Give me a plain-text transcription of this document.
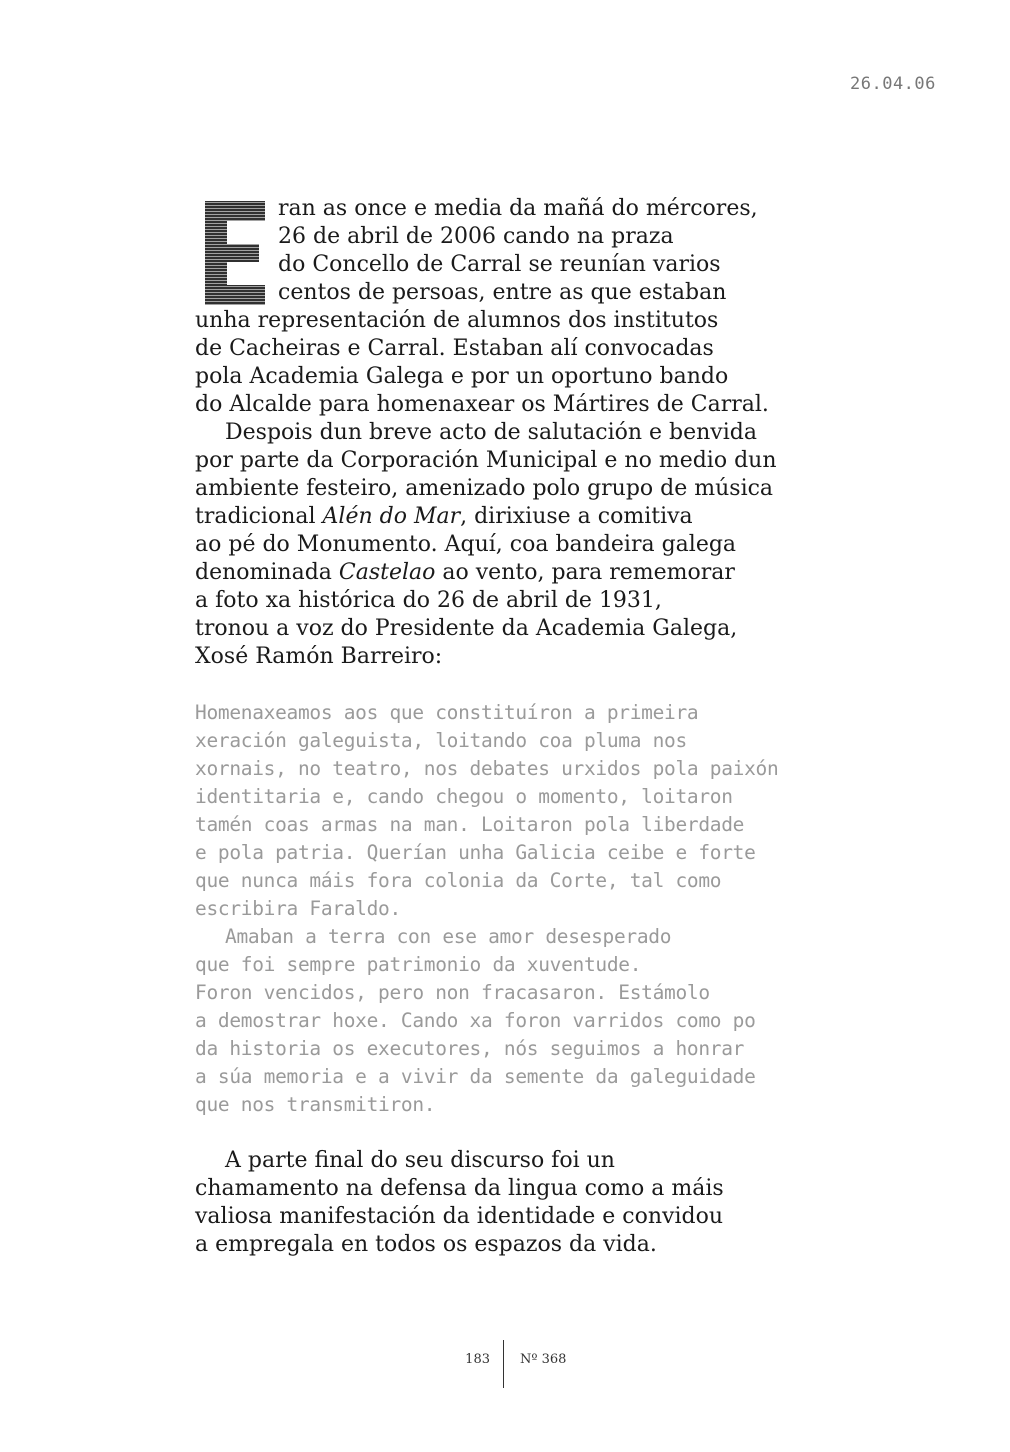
26.04.06
ran as once e media da mañá do mércores,
26 de abril de 2006 cando na praza
do Concello de Carral se reunían varios
centos de persoas, entre as que estaban
unha representación de alumnos dos institutos
de Cacheiras e Carral. Estaban alí convocadas
pola Academia Galega e por un oportuno bando
do Alcalde para homenaxear os Mártires de Carral.
Despois dun breve acto de salutación e benvida
por parte da Corporación Municipal e no medio dun
ambiente festeiro, amenizado polo grupo de música
tradicional Alén do Mar, dirixiuse a comitiva
ao pé do Monumento. Aquí, coa bandeira galega
denominada Castelao ao vento, para rememorar
a foto xa histórica do 26 de abril de 1931,
tronou a voz do Presidente da Academia Galega,
Xosé Ramón Barreiro:
Homenaxeamos aos que constituíron a primeira
xeración galeguista, loitando coa pluma nos
xornais, no teatro, nos debates urxidos pola paixón
identitaria e, cando chegou o momento, loitaron
tamén coas armas na man. Loitaron pola liberdade
e pola patria. Querían unha Galicia ceibe e forte
que nunca máis fora colonia da Corte, tal como
escribira Faraldo.
Amaban a terra con ese amor desesperado
que foi sempre patrimonio da xuventude.
Foron vencidos, pero non fracasaron. Estámolo
a demostrar hoxe. Cando xa foron varridos como po
da historia os executores, nós seguimos a honrar
a súa memoria e a vivir da semente da galeguidade
que nos transmitiron.
A parte final do seu discurso foi un
chamamento na defensa da lingua como a máis
valiosa manifestación da identidade e convidou
a empregala en todos os espazos da vida.
183 Nº 368
